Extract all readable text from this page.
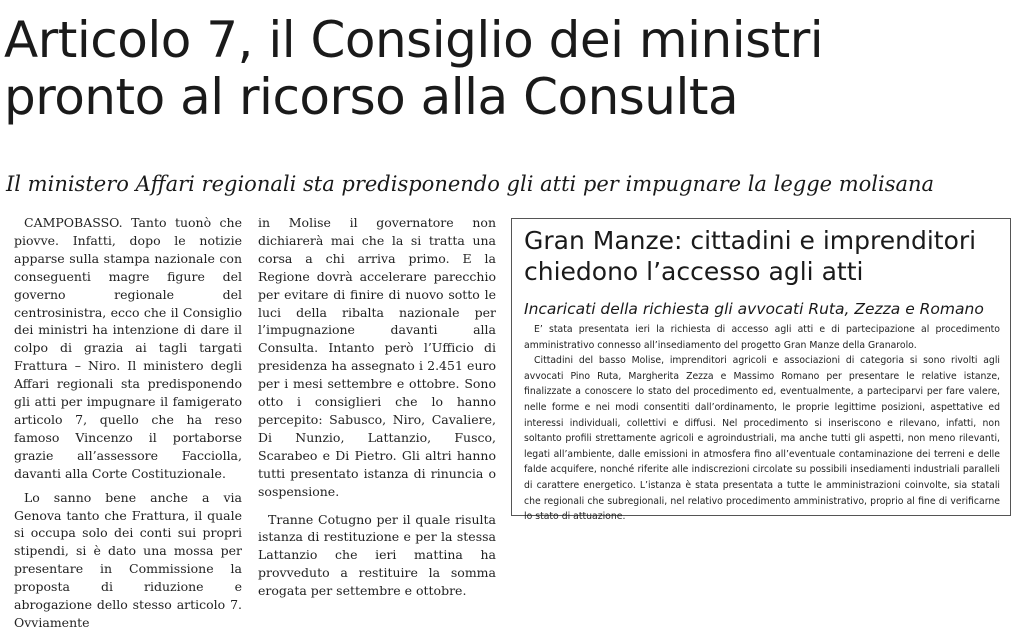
Articolo 7, il Consiglio dei ministri
pronto al ricorso alla Consulta
Il ministero Affari regionali sta predisponendo gli atti per impugnare la legge molisana

CAMPOBASSO. Tanto tuonò che piovve. Infatti, dopo le notizie apparse sulla stampa nazionale con conseguenti magre figure del governo regionale del centrosinistra, ecco che il Consiglio dei ministri ha intenzione di dare il colpo di grazia ai tagli targati Frattura – Niro. Il ministero degli Affari regionali sta predisponendo gli atti per impugnare il famigerato articolo 7, quello che ha reso famoso Vincenzo il portaborse grazie all’assessore Facciolla, davanti alla Corte Costituzionale.

Lo sanno bene anche a via Genova tanto che Frattura, il quale si occupa solo dei conti sui propri stipendi, si è dato una mossa per presentare in Commissione la proposta di riduzione e abrogazione dello stesso articolo 7. Ovviamente

in Molise il governatore non dichiarerà mai che la si tratta una corsa a chi arriva primo. E la Regione dovrà accelerare parecchio per evitare di finire di nuovo sotto le luci della ribalta nazionale per l’impugnazione davanti alla Consulta. Intanto però l’Ufficio di presidenza ha assegnato i 2.451 euro per i mesi settembre e ottobre. Sono otto i consiglieri che lo hanno percepito: Sabusco, Niro, Cavaliere, Di Nunzio, Lattanzio, Fusco, Scarabeo e Di Pietro. Gli altri hanno tutti presentato istanza di rinuncia o sospensione.

Tranne Cotugno per il quale risulta istanza di restituzione e per la stessa Lattanzio che ieri mattina ha provveduto a restituire la somma erogata per settembre e ottobre.

Gran Manze: cittadini e imprenditori
chiedono l’accesso agli atti
Incaricati della richiesta gli avvocati Ruta, Zezza e Romano

E’ stata presentata ieri la richiesta di accesso agli atti e di partecipazione al procedimento amministrativo connesso all’insediamento del progetto Gran Manze della Granarolo.

Cittadini del basso Molise, imprenditori agricoli e associazioni di categoria si sono rivolti agli avvocati Pino Ruta, Margherita Zezza e Massimo Romano per presentare le relative istanze, finalizzate a conoscere lo stato del procedimento ed, eventualmente, a parteciparvi per fare valere, nelle forme e nei modi consentiti dall’ordinamento, le proprie legittime posizioni, aspettative ed interessi individuali, collettivi e diffusi. Nel procedimento si inseriscono e rilevano, infatti, non soltanto profili strettamente agricoli e agroindustriali, ma anche tutti gli aspetti, non meno rilevanti, legati all’ambiente, dalle emissioni in atmosfera fino all’eventuale contaminazione dei terreni e delle falde acquifere, nonché riferite alle indiscrezioni circolate su possibili insediamenti industriali paralleli di carattere energetico. L’istanza è stata presentata a tutte le amministrazioni coinvolte, sia statali che regionali che subregionali, nel relativo procedimento amministrativo, proprio al fine di verificarne lo stato di attuazione.
